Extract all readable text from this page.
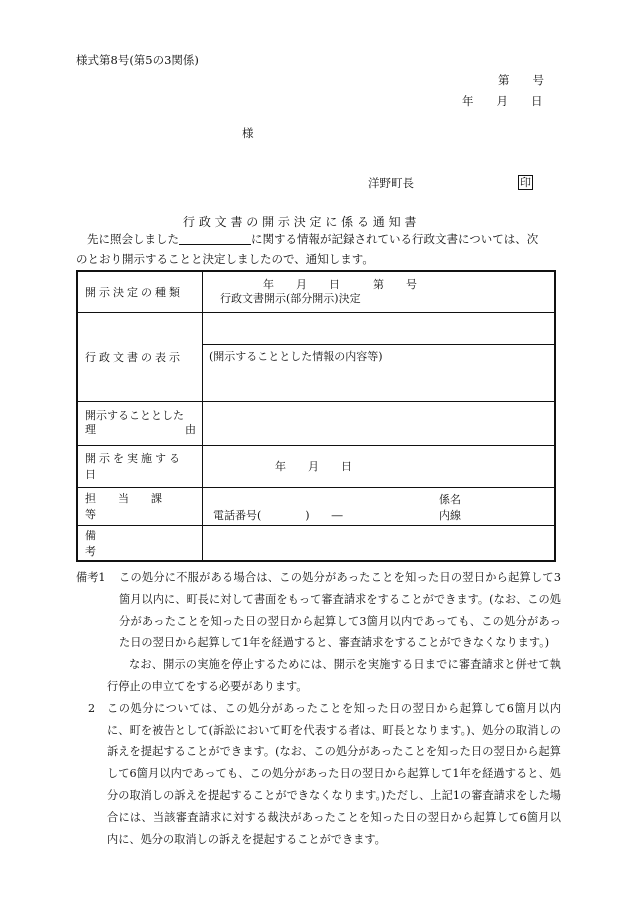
様式第8号(第5の3関係)
第　　号
年　　月　　日
様
洋野町長	印
行 政 文 書 の 開 示 決 定 に 係 る 通 知 書
先に照会しました	に関する情報が記録されている行政文書については、次
のとおり開示することと決定しましたので、通知します。
開示決定の種類	年　　月　　日　　　第　　号
行政文書開示(部分開示)決定

行政文書の表示	

	(開示することとした情報の内容等)

開示することとした
理 由	

開示を実施する日	年　　月　　日

担当課等	係名
電話番号(　　　　)　　― 内線

備考	

備考1	この処分に不服がある場合は、この処分があったことを知った日の翌日から起算して3箇月以内に、町長に対して書面をもって審査請求をすることができます。(なお、この処分があったことを知った日の翌日から起算して3箇月以内であっても、この処分があった日の翌日から起算して1年を経過すると、審査請求をすることができなくなります。)
なお、開示の実施を停止するためには、開示を実施する日までに審査請求と併せて執行停止の申立てをする必要があります。
2	この処分については、この処分があったことを知った日の翌日から起算して6箇月以内に、町を被告として(訴訟において町を代表する者は、町長となります。)、処分の取消しの訴えを提起することができます。(なお、この処分があったことを知った日の翌日から起算して6箇月以内であっても、この処分があった日の翌日から起算して1年を経過すると、処分の取消しの訴えを提起することができなくなります。)ただし、上記1の審査請求をした場合には、当該審査請求に対する裁決があったことを知った日の翌日から起算して6箇月以内に、処分の取消しの訴えを提起することができます。
